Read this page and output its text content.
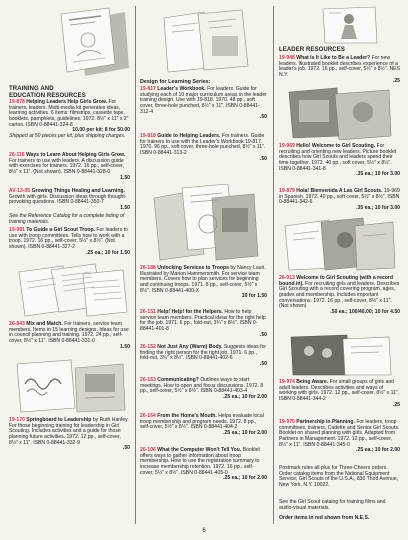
TRAINING AND
EDUCATION RESOURCES

19-878 Helping Leaders Help Girls Grow. For trainers, leaders. Multi-media kit generates ideas, learning activities. 6 items: filmstrips, cassette tape, booklets, pamphlets, guidelines. 1972. 8½" x 11" x 2" carton. ISBN 0-88441-324-8

10.00 per kit; 8 for 50.00

Shipped at 50 pieces per kit, plus shipping charges.

26-116 Ways to Learn About Helping Girls Grow. For trainers to use with leaders. A discussion guide with exercises for trainers. 1972. 16 pp., self-cover, 8½" x 11". (Not shown). ISBN 0-88441-328-0

1.50

AV-13-05 Growing Things Healing and Learning. Growth with girls. Discussion ideas through thought-provoking questions. ISBN 0-88441-350-7

1.50
See the Reference Catalog for a complete listing of training materials.

19-981 To Guide a Girl Scout Troop. For leaders to use with troop committees. Tells how to work with a troop. 1972. 16 pp., self-cover, 5½" x 8½". (Not shown). ISBN 0-88441-327-2

.25 ea.; 10 for 1.50

26-843 Mix and Match. For trainers, service team members. Items in 15 learning designs. Ideas for use in council planning and training. 1972. 24 pp., self-cover, 8½" x 11". ISBN 0-88441-331-0

1.50

19-170 Springboard to Leadership by Ruth Hanley. For those beginning training for leadership in Girl Scouting. Includes activities and a guide for those planning future activities. 1972. 12 pp., self-cover, 8½" x 11". ISBN 0-88441-332-9

.50
Design for Learning Series:

19-817 Leader's Workbook. For leaders. Guide for studying each of 10 major curriculum areas in the leader training design. Use with 19-818. 1970. 48 pp., soft cover, three-hole punched, 8½" x 11". ISBN 0-88441-312-4

.50

19-818 Guide to Helping Leaders. For trainers. Guide for trainers to use with the Leader's Workbook 19-817. 1970. 96 pp., soft cover, three-hole punched, 8½" x 11". ISBN 0-88441-313-2

.50

26-188 Unlocking Services to Troops by Nancy Lauri. Illustrated by Marion Hammersmith. For service team members. Covers how to plan services for beginning and continuing troops. 1971. 8 pp., self-cover, 5½" x 8½". ISBN 0-88441-400-X

10 for 1.50

26-151 Help! Help! for the Helpers. How to help service team members. Practical ideas for the right help for the job. 1971. 6 pp., fold-out, 3¾" x 8½". ISBN 0-88441-401-8

.50

26-152 Not Just Any (Warm) Body. Suggests ideas for finding the right person for the right job. 1971. 6 pp., fold-out, 3¾" x 8½". ISBN 0-88441-402-6

.50

26-163 Communicating? Outlines ways to start meetings. How to open and focus discussions. 1972. 8 pp., self-cover, 5½" x 8½". ISBN 0-88441-403-4

.25 ea.; 10 for 2.00

26-164 From the Home's Mouth. Helps evaluate local troop membership and program needs. 1972. 8 pp., self-cover, 5½" x 8½". ISBN 0-88441-404-2

.25 ea.; 10 for 2.00

26-106 What the Computer Won't Tell You. Booklet offers ways to gather information about troop membership. How to use the registration summary to increase membership retention. 1972. 16 pp., self-cover, 5½" x 8½". ISBN 0-88441-405-0

.25 ea.; 10 for 2.00
LEADER RESOURCES

19-948 What Is It Like to Be a Leader? For new leaders. Illustrated booklet describes experience of a leader's job. 1972. 16 pp., self-cover, 5½" x 8½". NES N.Y.

.25

19-969 Hello! Welcome to Girl Scouting. For recruiting and orienting new leaders. Picture booklet describes how Girl Scouts and leaders spend their time together. 1972. 40 pp., soft cover, 5½" x 8½". ISBN 0-88441-341-8

.35 ea.; 10 for 3.00

19-879 Hola! Bienvenida A Las Girl Scouts. 19-969 in Spanish. 1972. 40 pp., soft cover, 5½" x 8½". ISBN 0-88441-342-6

.35 ea.; 10 for 3.00

26-913 Welcome to Girl Scouting (with a record bound in). For recruiting girls and leaders. Describes Girl Scouting with a record covering program, ages, grades and membership. Includes important conversations. 1972. 16 pp., self-cover, 8½" x 11". (Not shown)

.50 ea.; 100/40.00; 10 for 4.50

19-974 Being Aware. For small groups of girls and adult leaders. Describes activities and ways of working with girls. 1972. 12 pp., self-cover, 8½" x 11". ISBN 0-88441-344-2

.25

19-970 Partnership in Planning. For leaders, troop committees, trainers, Cadette and Senior Girl Scouts. Booklet on shared planning with girls. Adapted from Partners in Management. 1972. 12 pp., self-cover, 8½" x 11". ISBN 0-88441-345-0

.25 ea.; 10 for 2.00
Postmark rules all plus for Three-Cheers orders. Order catalog items from the National Equipment Service, Girl Scouts of the U.S.A., 830 Third Avenue, New York, N.Y. 10022.
See the Girl Scout catalog for training films and audio-visual materials.
Order items in red shown from N.E.S.
6
